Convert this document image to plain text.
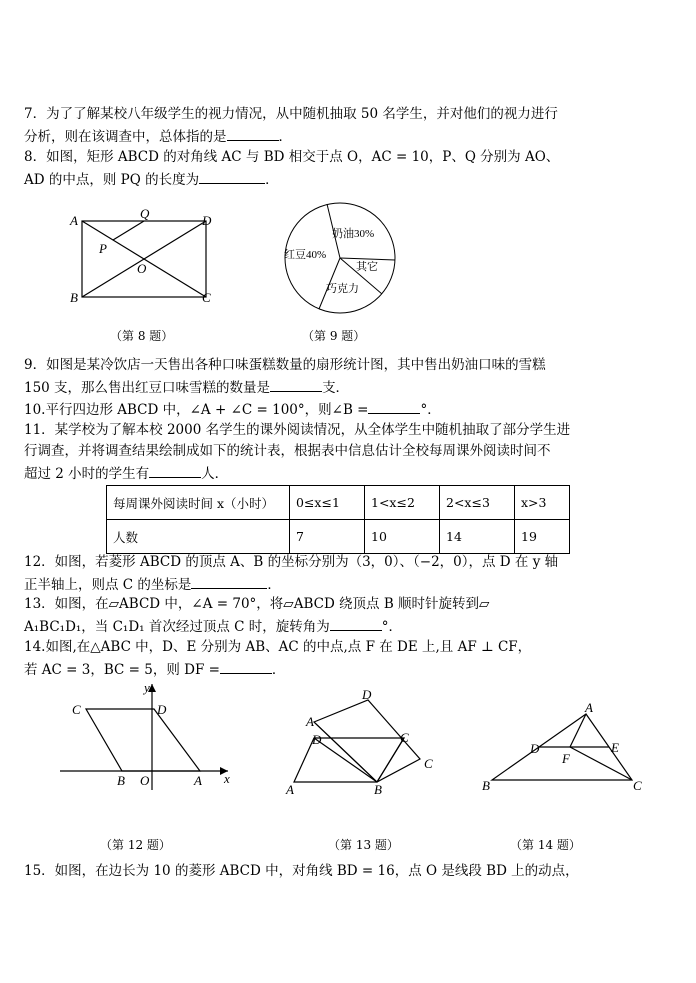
7．为了了解某校八年级学生的视力情况，从中随机抽取 50 名学生，并对他们的视力进行
分析，则在该调查中，总体指的是	．
8．如图，矩形 ABCD 的对角线 AC 与 BD 相交于点 O，AC = 10，P、Q 分别为 AO、
AD 的中点，则 PQ 的长度为	．
A	Q	D
P
O
B	C
（第 8 题）
奶油30%
红豆40%
其它
巧克力
（第 9 题）
9．如图是某冷饮店一天售出各种口味蛋糕数量的扇形统计图，其中售出奶油口味的雪糕
150 支，那么售出红豆口味雪糕的数量是	支．
10.平行四边形 ABCD 中，∠A + ∠C = 100°，则∠B =	°．
11．某学校为了解本校 2000 名学生的课外阅读情况，从全体学生中随机抽取了部分学生进
行调查，并将调查结果绘制成如下的统计表，根据表中信息估计全校每周课外阅读时间不
超过 2 小时的学生有	人．
每周课外阅读时间 x（小时）	0≤x≤1	1<x≤2	2<x≤3	x>3
人数	7	10	14	19
12．如图，若菱形 ABCD 的顶点 A、B 的坐标分别为（3，0）、（−2，0），点 D 在 y 轴
正半轴上，则点 C 的坐标是	．
13．如图，在▱ABCD 中，∠A = 70°，将▱ABCD 绕顶点 B 顺时针旋转到▱
A₁BC₁D₁，当 C₁D₁ 首次经过顶点 C 时，旋转角为	°．
14.如图,在△ABC 中，D、E 分别为 AB、AC 的中点,点 F 在 DE 上,且 AF ⊥ CF，
若 AC = 3，BC = 5，则 DF =	．
y
C	D
B O	A x
（第 12 题）
D
A
D	C
C
A	B
（第 13 题）
A
D	E
F
B	C
（第 14 题）
15．如图，在边长为 10 的菱形 ABCD 中，对角线 BD = 16，点 O 是线段 BD 上的动点，
